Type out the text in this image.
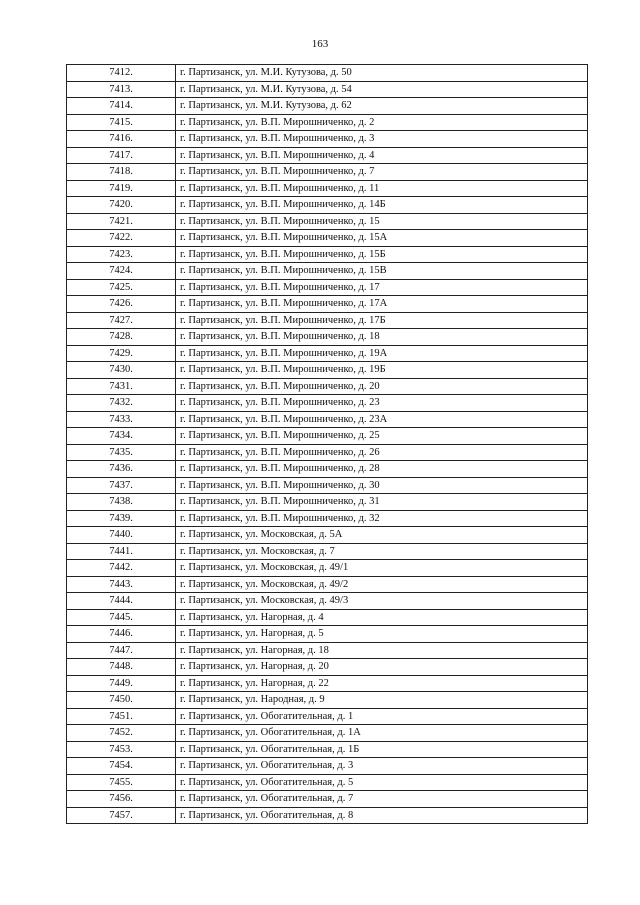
163
7412.	г. Партизанск, ул. М.И. Кутузова, д. 50
7413.	г. Партизанск, ул. М.И. Кутузова, д. 54
7414.	г. Партизанск, ул. М.И. Кутузова, д. 62
7415.	г. Партизанск, ул. В.П. Мирошниченко, д. 2
7416.	г. Партизанск, ул. В.П. Мирошниченко, д. 3
7417.	г. Партизанск, ул. В.П. Мирошниченко, д. 4
7418.	г. Партизанск, ул. В.П. Мирошниченко, д. 7
7419.	г. Партизанск, ул. В.П. Мирошниченко, д. 11
7420.	г. Партизанск, ул. В.П. Мирошниченко, д. 14Б
7421.	г. Партизанск, ул. В.П. Мирошниченко, д. 15
7422.	г. Партизанск, ул. В.П. Мирошниченко, д. 15А
7423.	г. Партизанск, ул. В.П. Мирошниченко, д. 15Б
7424.	г. Партизанск, ул. В.П. Мирошниченко, д. 15В
7425.	г. Партизанск, ул. В.П. Мирошниченко, д. 17
7426.	г. Партизанск, ул. В.П. Мирошниченко, д. 17А
7427.	г. Партизанск, ул. В.П. Мирошниченко, д. 17Б
7428.	г. Партизанск, ул. В.П. Мирошниченко, д. 18
7429.	г. Партизанск, ул. В.П. Мирошниченко, д. 19А
7430.	г. Партизанск, ул. В.П. Мирошниченко, д. 19Б
7431.	г. Партизанск, ул. В.П. Мирошниченко, д. 20
7432.	г. Партизанск, ул. В.П. Мирошниченко, д. 23
7433.	г. Партизанск, ул. В.П. Мирошниченко, д. 23А
7434.	г. Партизанск, ул. В.П. Мирошниченко, д. 25
7435.	г. Партизанск, ул. В.П. Мирошниченко, д. 26
7436.	г. Партизанск, ул. В.П. Мирошниченко, д. 28
7437.	г. Партизанск, ул. В.П. Мирошниченко, д. 30
7438.	г. Партизанск, ул. В.П. Мирошниченко, д. 31
7439.	г. Партизанск, ул. В.П. Мирошниченко, д. 32
7440.	г. Партизанск, ул. Московская, д. 5А
7441.	г. Партизанск, ул. Московская, д. 7
7442.	г. Партизанск, ул. Московская, д. 49/1
7443.	г. Партизанск, ул. Московская, д. 49/2
7444.	г. Партизанск, ул. Московская, д. 49/3
7445.	г. Партизанск, ул. Нагорная, д. 4
7446.	г. Партизанск, ул. Нагорная, д. 5
7447.	г. Партизанск, ул. Нагорная, д. 18
7448.	г. Партизанск, ул. Нагорная, д. 20
7449.	г. Партизанск, ул. Нагорная, д. 22
7450.	г. Партизанск, ул. Народная, д. 9
7451.	г. Партизанск, ул. Обогатительная, д. 1
7452.	г. Партизанск, ул. Обогатительная, д. 1А
7453.	г. Партизанск, ул. Обогатительная, д. 1Б
7454.	г. Партизанск, ул. Обогатительная, д. 3
7455.	г. Партизанск, ул. Обогатительная, д. 5
7456.	г. Партизанск, ул. Обогатительная, д. 7
7457.	г. Партизанск, ул. Обогатительная, д. 8
